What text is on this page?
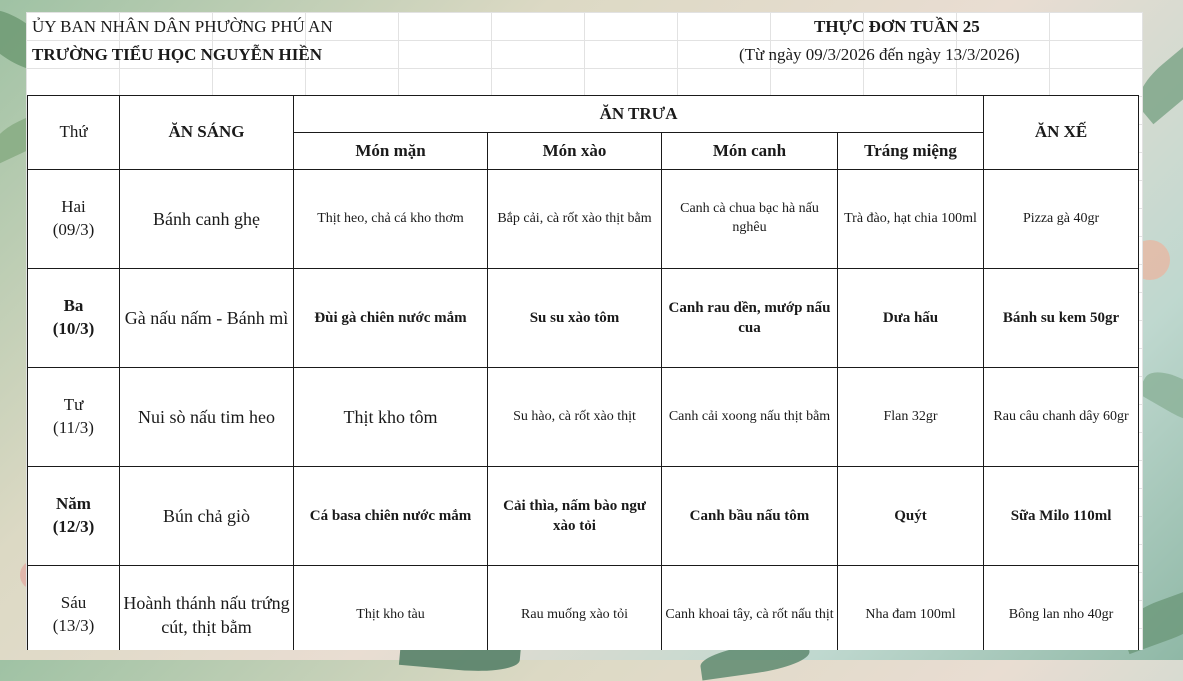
ỦY BAN NHÂN DÂN PHƯỜNG PHÚ AN
TRƯỜNG TIỂU HỌC NGUYỄN HIỀN
THỰC ĐƠN TUẦN 25
(Từ ngày 09/3/2026 đến ngày 13/3/2026)
Thứ	ĂN SÁNG	ĂN TRƯA				ĂN XẾ
		Món mặn	Món xào	Món canh	Tráng miệng	
Hai
(09/3)	Bánh canh ghẹ	Thịt heo, chả cá kho thơm	Bắp cải, cà rốt xào thịt bằm	Canh cà chua bạc hà nấu nghêu	Trà đào, hạt chia 100ml	Pizza gà 40gr
Ba
(10/3)	Gà nấu nấm - Bánh mì	Đùi gà chiên nước mắm	Su su xào tôm	Canh rau dền, mướp nấu cua	Dưa hấu	Bánh su kem 50gr
Tư
(11/3)	Nui sò nấu tim heo	Thịt kho tôm	Su hào, cà rốt xào thịt	Canh cải xoong nấu thịt bằm	Flan 32gr	Rau câu chanh dây 60gr
Năm
(12/3)	Bún chả giò	Cá basa chiên nước mắm	Cải thìa, nấm bào ngư xào tỏi	Canh bầu nấu tôm	Quýt	Sữa Milo 110ml
Sáu
(13/3)	Hoành thánh nấu trứng cút, thịt bằm	Thịt kho tàu	Rau muống xào tỏi	Canh khoai tây, cà rốt nấu thịt	Nha đam 100ml	Bông lan nho 40gr
